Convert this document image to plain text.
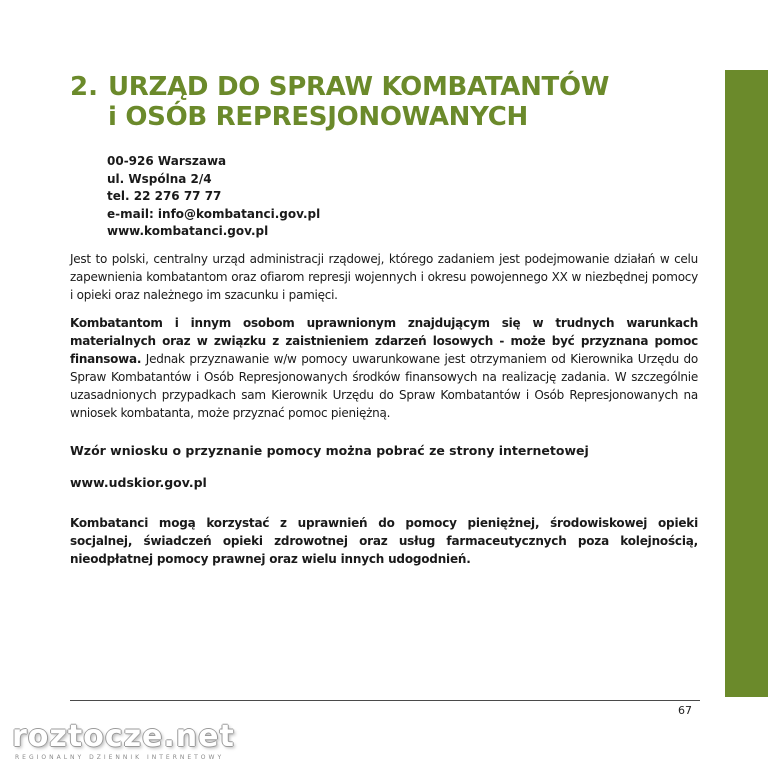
2. URZĄD DO SPRAW KOMBATANTÓW
i OSÓB REPRESJONOWANYCH
00-926 Warszawa
ul. Wspólna 2/4
tel. 22 276 77 77
e-mail: info@kombatanci.gov.pl
www.kombatanci.gov.pl

Jest to polski, centralny urząd administracji rządowej, którego zadaniem jest podejmowanie działań w celu zapewnienia kombatantom oraz ofiarom represji wojennych i okresu powojennego XX w niezbędnej pomocy i opieki oraz należnego im szacunku i pamięci.

Kombatantom i innym osobom uprawnionym znajdującym się w trudnych warunkach materialnych oraz w związku z zaistnieniem zdarzeń losowych - może być przyznana pomoc finansowa. Jednak przyznawanie w/w pomocy uwarunkowane jest otrzymaniem od Kierownika Urzędu do Spraw Kombatantów i Osób Represjonowanych środków finansowych na realizację zadania. W szczególnie uzasadnionych przypadkach sam Kierownik Urzędu do Spraw Kombatantów i Osób Represjonowanych na wniosek kombatanta, może przyznać pomoc pieniężną.

Wzór wniosku o przyznanie pomocy można pobrać ze strony internetowej

www.udskior.gov.pl

Kombatanci mogą korzystać z uprawnień do pomocy pieniężnej, środowiskowej opieki socjalnej, świadczeń opieki zdrowotnej oraz usług farmaceutycznych poza kolejnością, nieodpłatnej pomocy prawnej oraz wielu innych udogodnień.

67
roztocze.net
REGIONALNY DZIENNIK INTERNETOWY
